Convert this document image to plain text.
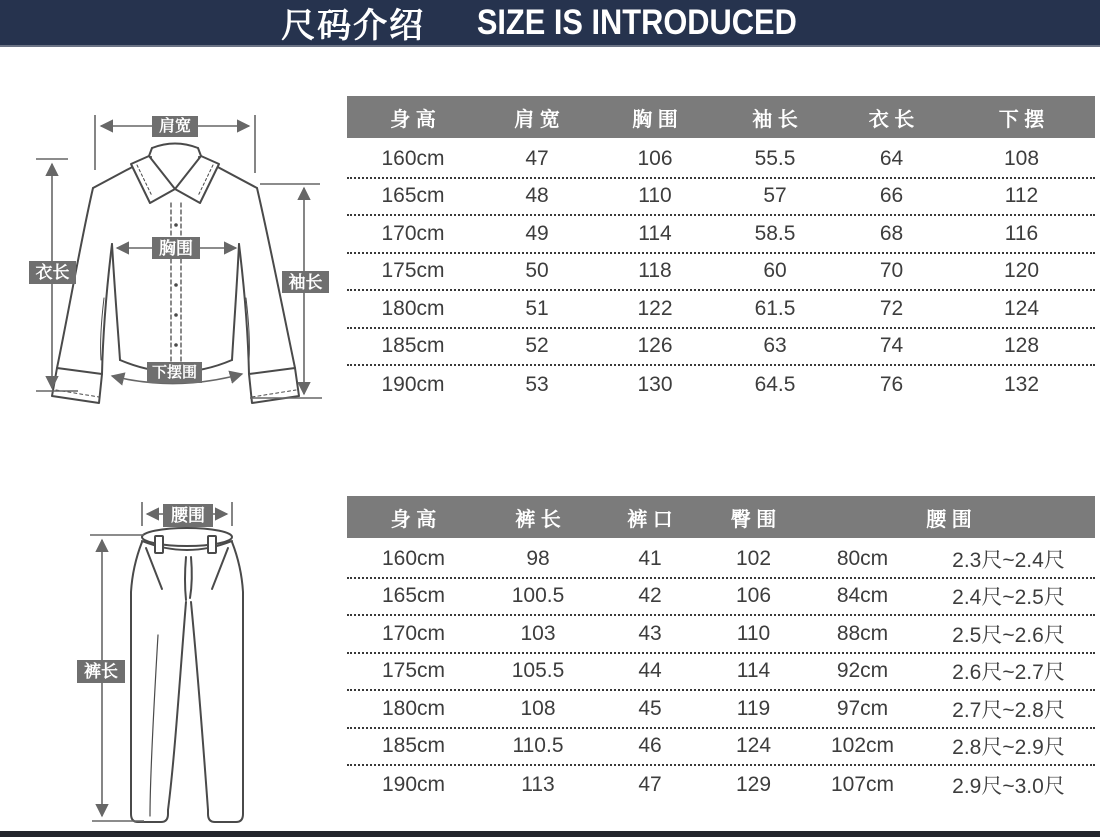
尺码介绍 SIZE IS INTRODUCED
肩宽
衣长
胸围
袖长
下摆围
腰围
裤长
身 高	肩 宽	胸 围	袖 长	衣 长	下 摆
160cm	47	106	55.5	64	108
165cm	48	110	57	66	112
170cm	49	114	58.5	68	116
175cm	50	118	60	70	120
180cm	51	122	61.5	72	124
185cm	52	126	63	74	128
190cm	53	130	64.5	76	132
身 高	裤 长	裤 口	臀 围	腰 围
160cm	98	41	102	80cm	2.3尺~2.4尺
165cm	100.5	42	106	84cm	2.4尺~2.5尺
170cm	103	43	110	88cm	2.5尺~2.6尺
175cm	105.5	44	114	92cm	2.6尺~2.7尺
180cm	108	45	119	97cm	2.7尺~2.8尺
185cm	110.5	46	124	102cm	2.8尺~2.9尺
190cm	113	47	129	107cm	2.9尺~3.0尺
